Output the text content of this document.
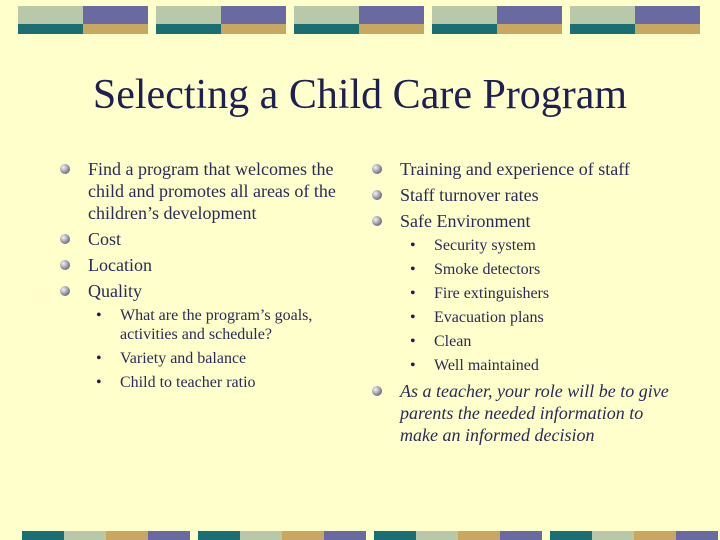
Selecting a Child Care Program
Find a program that welcomes the child and promotes all areas of the children’s development
Cost
Location
Quality
• What are the program’s goals, activities and schedule?
• Variety and balance
• Child to teacher ratio
Training and experience of staff
Staff turnover rates
Safe Environment
• Security system
• Smoke detectors
• Fire extinguishers
• Evacuation plans
• Clean
• Well maintained
As a teacher, your role will be to give parents the needed information to make an informed decision
